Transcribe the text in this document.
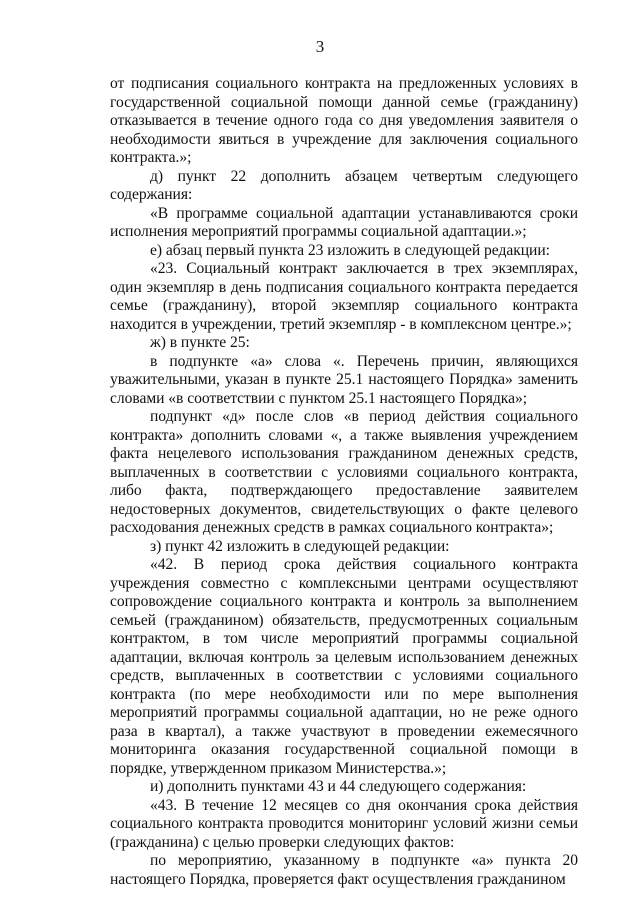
3

от подписания социального контракта на предложенных условиях в государственной социальной помощи данной семье (гражданину) отказывается в течение одного года со дня уведомления заявителя о необходимости явиться в учреждение для заключения социального контракта.»;

д) пункт 22 дополнить абзацем четвертым следующего содержания:

«В программе социальной адаптации устанавливаются сроки исполнения мероприятий программы социальной адаптации.»;

е) абзац первый пункта 23 изложить в следующей редакции:

«23. Социальный контракт заключается в трех экземплярах, один экземпляр в день подписания социального контракта передается семье (гражданину), второй экземпляр социального контракта находится в учреждении, третий экземпляр - в комплексном центре.»;

ж) в пункте 25:

в подпункте «а» слова «. Перечень причин, являющихся уважительными, указан в пункте 25.1 настоящего Порядка» заменить словами «в соответствии с пунктом 25.1 настоящего Порядка»;

подпункт «д» после слов «в период действия социального контракта» дополнить словами «, а также выявления учреждением факта нецелевого использования гражданином денежных средств, выплаченных в соответствии с условиями социального контракта, либо факта, подтверждающего предоставление заявителем недостоверных документов, свидетельствующих о факте целевого расходования денежных средств в рамках социального контракта»;

з) пункт 42 изложить в следующей редакции:

«42. В период срока действия социального контракта учреждения совместно с комплексными центрами осуществляют сопровождение социального контракта и контроль за выполнением семьей (гражданином) обязательств, предусмотренных социальным контрактом, в том числе мероприятий программы социальной адаптации, включая контроль за целевым использованием денежных средств, выплаченных в соответствии с условиями социального контракта (по мере необходимости или по мере выполнения мероприятий программы социальной адаптации, но не реже одного раза в квартал), а также участвуют в проведении ежемесячного мониторинга оказания государственной социальной помощи в порядке, утвержденном приказом Министерства.»;

и) дополнить пунктами 43 и 44 следующего содержания:

«43. В течение 12 месяцев со дня окончания срока действия социального контракта проводится мониторинг условий жизни семьи (гражданина) с целью проверки следующих фактов:

по мероприятию, указанному в подпункте «а» пункта 20 настоящего Порядка, проверяется факт осуществления гражданином
